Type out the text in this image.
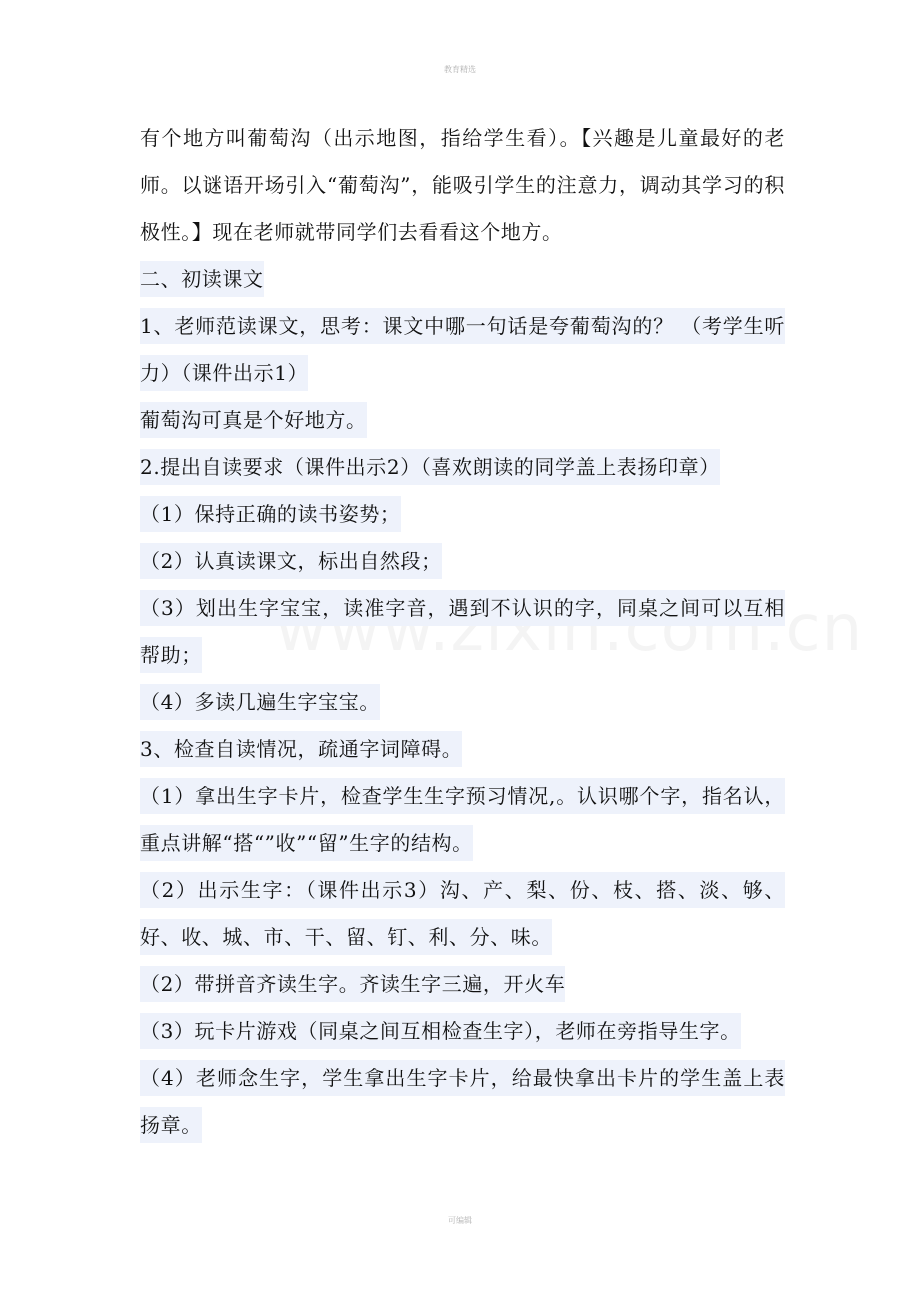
教育精选

有个地方叫葡萄沟（出示地图，指给学生看）。【兴趣是儿童最好的老师。以谜语开场引入“葡萄沟”，能吸引学生的注意力，调动其学习的积极性。】现在老师就带同学们去看看这个地方。

二、初读课文

1、老师范读课文，思考：课文中哪一句话是夸葡萄沟的？ （考学生听力）（课件出示1）

葡萄沟可真是个好地方。

2.提出自读要求（课件出示2）（喜欢朗读的同学盖上表扬印章）

（1）保持正确的读书姿势；

（2）认真读课文，标出自然段；

（3）划出生字宝宝，读准字音，遇到不认识的字，同桌之间可以互相帮助；

（4）多读几遍生字宝宝。

3、检查自读情况，疏通字词障碍。

（1）拿出生字卡片，检查学生生字预习情况,。认识哪个字，指名认，重点讲解“搭“”收”“留”生字的结构。

（2）出示生字：（课件出示3）沟、产、梨、份、枝、搭、淡、够、好、收、城、市、干、留、钉、利、分、味。

（2）带拼音齐读生字。齐读生字三遍，开火车

（3）玩卡片游戏（同桌之间互相检查生字），老师在旁指导生字。

（4）老师念生字，学生拿出生字卡片，给最快拿出卡片的学生盖上表扬章。

可编辑
